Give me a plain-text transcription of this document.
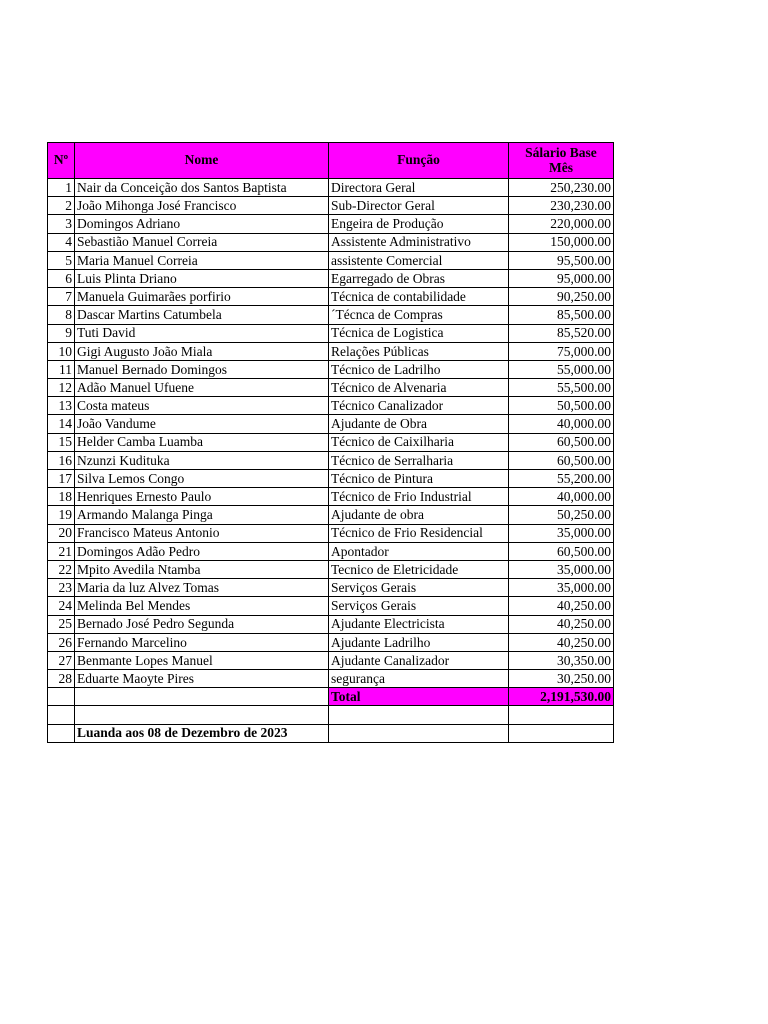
Nº	Nome	Função	Sálario Base
Mês

1	Nair da Conceição dos Santos Baptista	Directora Geral	250,230.00
2	João Mihonga José Francisco	Sub-Director Geral	230,230.00
3	Domingos Adriano	Engeira de Produção	220,000.00
4	Sebastião Manuel Correia	Assistente Administrativo	150,000.00
5	Maria Manuel Correia	assistente Comercial	95,500.00
6	Luis Plinta Driano	Egarregado de Obras	95,000.00
7	Manuela Guimarães porfirio	Técnica de contabilidade	90,250.00
8	Dascar Martins Catumbela	´Técnca de Compras	85,500.00
9	Tuti David	Técnica de Logistica	85,520.00
10	Gigi Augusto João Miala	Relações Públicas	75,000.00
11	Manuel Bernado Domingos	Técnico de Ladrilho	55,000.00
12	Adão Manuel Ufuene	Técnico de Alvenaria	55,500.00
13	Costa mateus	Técnico Canalizador	50,500.00
14	João Vandume	Ajudante de Obra	40,000.00
15	Helder Camba Luamba	Técnico de Caixilharia	60,500.00
16	Nzunzi Kudituka	Técnico de Serralharia	60,500.00
17	Silva Lemos Congo	Técnico de Pintura	55,200.00
18	Henriques Ernesto Paulo	Técnico de Frio Industrial	40,000.00
19	Armando Malanga Pinga	Ajudante de obra	50,250.00
20	Francisco Mateus Antonio	Técnico de Frio Residencial	35,000.00
21	Domingos Adão Pedro	Apontador	60,500.00
22	Mpito Avedila Ntamba	Tecnico de Eletricidade	35,000.00
23	Maria da luz Alvez Tomas	Serviços Gerais	35,000.00
24	Melinda Bel Mendes	Serviços Gerais	40,250.00
25	Bernado José Pedro Segunda	Ajudante Electricista	40,250.00
26	Fernando Marcelino	Ajudante Ladrilho	40,250.00
27	Benmante Lopes Manuel	Ajudante Canalizador	30,350.00
28	Eduarte Maoyte Pires	segurança	30,250.00
		Total	2,191,530.00

	Luanda aos 08 de Dezembro de 2023		
